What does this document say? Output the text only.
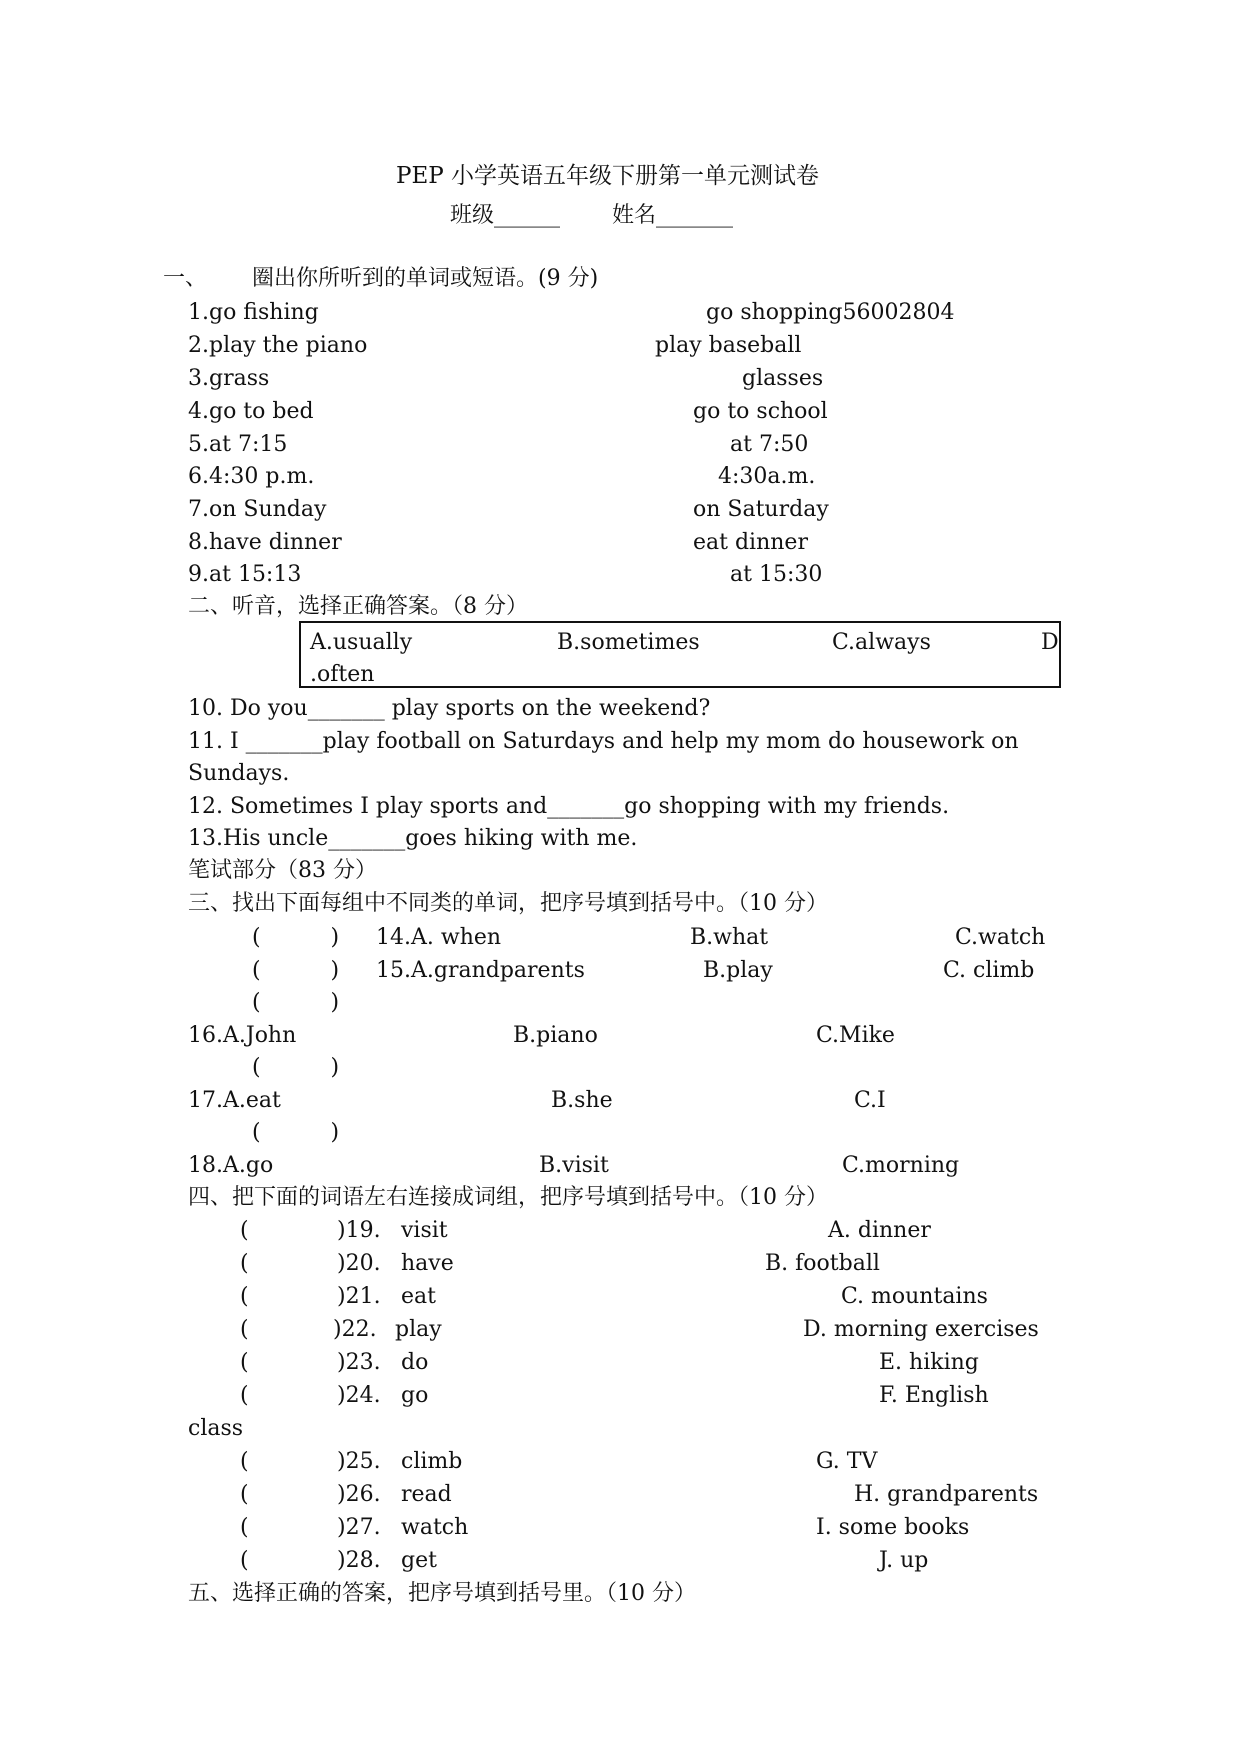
PEP 小学英语五年级下册第一单元测试卷
班级______ 姓名_______
一、 圈出你所听到的单词或短语。(9 分)
1.go fishing	go shopping56002804
2.play the piano	play baseball
3.grass	glasses
4.go to bed	go to school
5.at 7:15	at 7:50
6.4:30 p.m.	4:30a.m.
7.on Sunday	on Saturday
8.have dinner	eat dinner
9.at 15:13	at 15:30
二、听音，选择正确答案。（8 分）
A.usually	B.sometimes	C.always	D
.often
10. Do you_______ play sports on the weekend?
11. I _______play football on Saturdays and help my mom do housework on
Sundays.
12. Sometimes I play sports and_______go shopping with my friends.
13.His uncle_______goes hiking with me.
笔试部分（83 分）
三、找出下面每组中不同类的单词，把序号填到括号中。（10 分）
(          ) 14.A. when	B.what	C.watch
(          ) 15.A.grandparents	B.play	C. climb
(          )
16.A.John	B.piano	C.Mike
(          )
17.A.eat	B.she	C.I
(          )
18.A.go	B.visit	C.morning
四、把下面的词语左右连接成词组，把序号填到括号中。（10 分）
(	)19. visit	A. dinner
(	)20. have	B. football
(	)21. eat	C. mountains
(	)22. play	D. morning exercises
(	)23. do	E. hiking
(	)24. go	F. English
class
(	)25. climb	G. TV
(	)26. read	H. grandparents
(	)27. watch	I. some books
(	)28. get	J. up
五、选择正确的答案，把序号填到括号里。（10 分）
